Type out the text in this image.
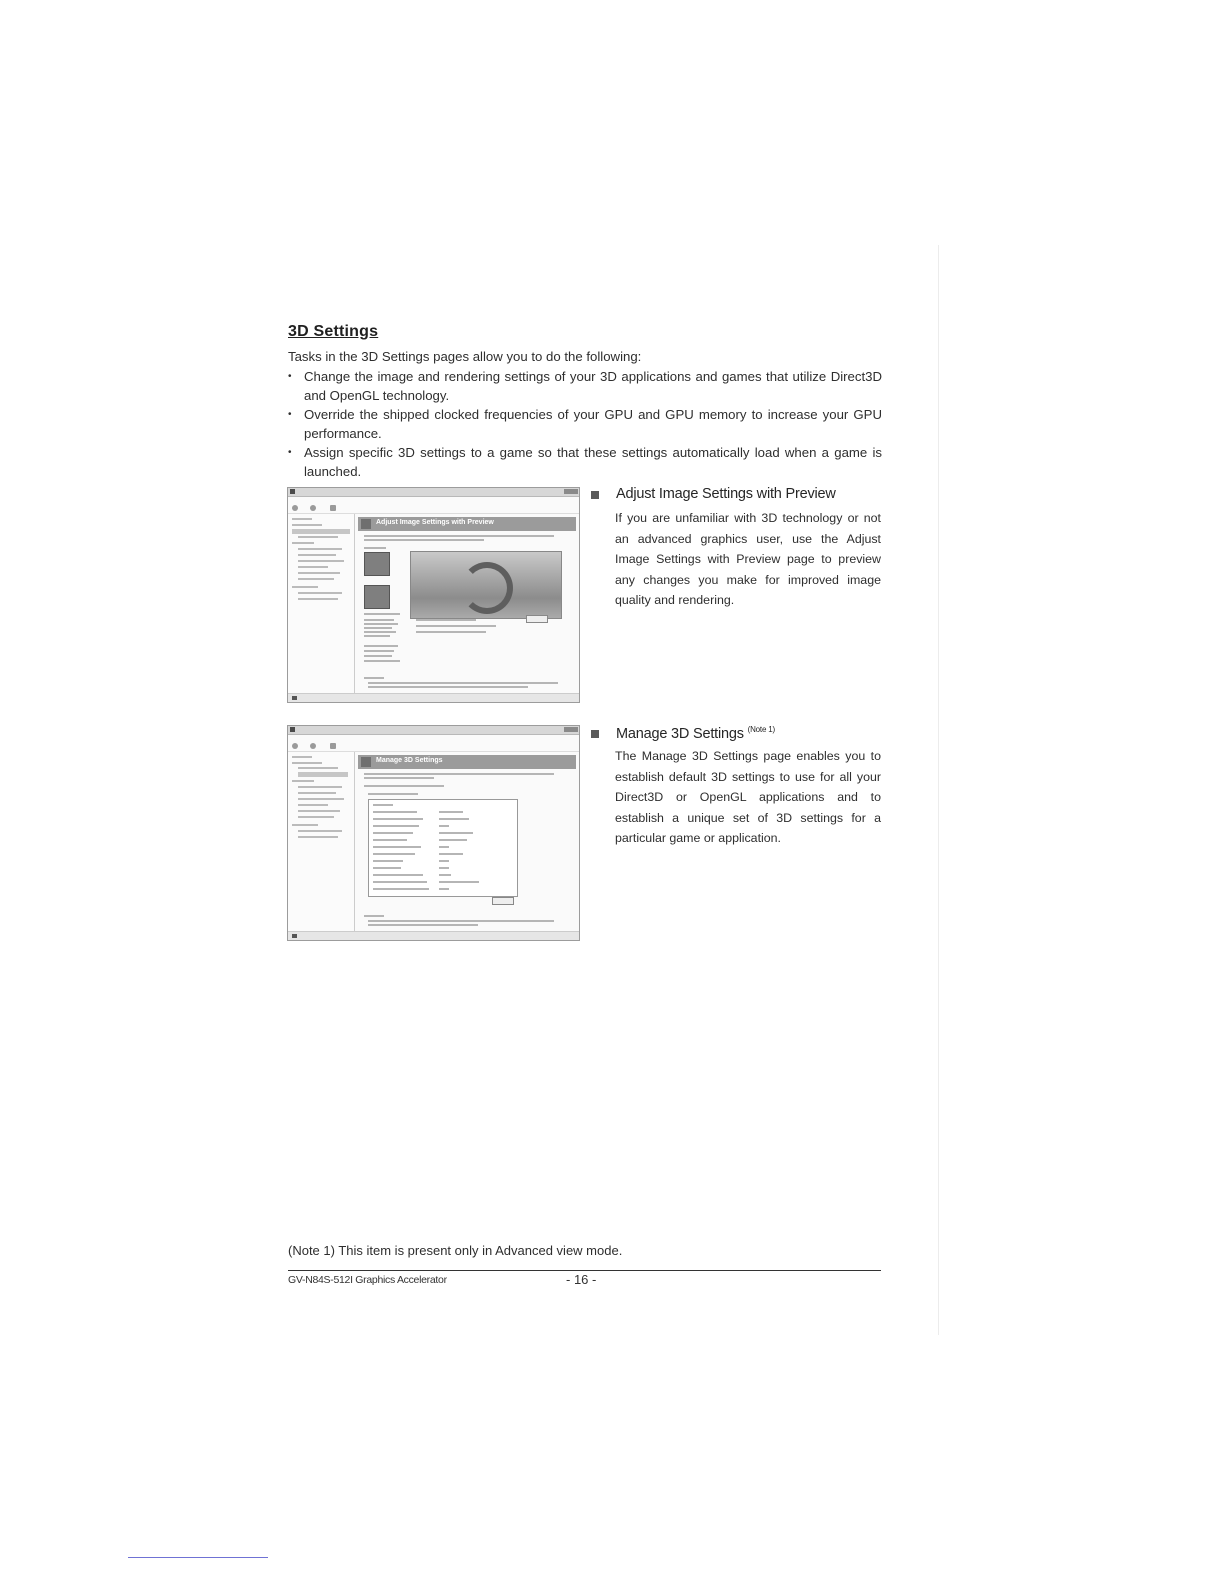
3D Settings
Tasks in the 3D Settings pages allow you to do the following:
• Change the image and rendering settings of your 3D applications and games that utilize Direct3D and OpenGL technology.
• Override the shipped clocked frequencies of your GPU and GPU memory to increase your GPU performance.
• Assign specific 3D settings to a game so that these settings automatically load when a game is launched.
Adjust Image Settings with Preview
Adjust Image Settings with Preview
If you are unfamiliar with 3D technology or not an advanced graphics user, use the Adjust Image Settings with Preview page to preview any changes you make for improved image quality and rendering.
Manage 3D Settings
Manage 3D Settings $^{(Note 1)}$
The Manage 3D Settings page enables you to establish default 3D settings to use for all your Direct3D or OpenGL applications and to establish a unique set of 3D settings for a particular game or application.
(Note 1) This item is present only in Advanced view mode.
GV-N84S-512I Graphics Accelerator	- 16 -
